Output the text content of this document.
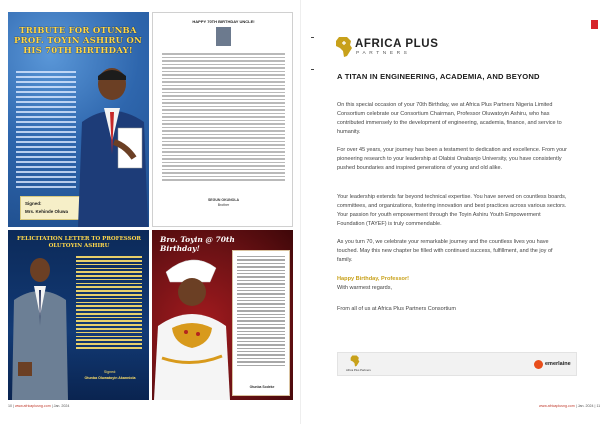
TRIBUTE FOR OTUNBA PROF. TOYIN ASHIRU ON HIS 70TH BIRTHDAY!
Signed:
Mrs. Kehinde Oluwa
HAPPY 70TH BIRTHDAY UNCLE!
SEGUN OKUNOLA
Brother
FELICITATION LETTER TO PROFESSOR OLUTOYIN ASHIRU
Signed:
Otunba Oluwatoyin Akanniola
Bro. Toyin @ 70th Birthday!
Otunba Sodeke
10 | www.africaplusng.com | Jan. 2024
AFRICA PLUS
PARTNERS
A TITAN IN ENGINEERING, ACADEMIA, AND BEYOND

On this special occasion of your 70th Birthday, we at Africa Plus Partners Nigeria Limited Consortium celebrate our Consortium Chairman, Professor Oluwatoyin Ashiru, who has contributed immensely to the development of engineering, academia, finance, and service to humanity.

For over 45 years, your journey has been a testament to dedication and excellence. From your pioneering research to your leadership at Olabisi Onabanjo University, you have consistently pushed boundaries and inspired generations of young and old alike.

Your leadership extends far beyond technical expertise. You have served on countless boards, committees, and organizations, fostering innovation and best practices across various sectors. Your passion for youth empowerment through the Toyin Ashiru Youth Empowerment Foundation (TAYEF) is truly commendable.

As you turn 70, we celebrate your remarkable journey and the countless lives you have touched. May this new chapter be filled with continued success, fulfillment, and the joy of family.

Happy Birthday, Professor!
With warmest regards,
From all of us at Africa Plus Partners Consortium
Africa Plus Partners
emerlaine
www.africaplusng.com | Jan. 2024 | 11
